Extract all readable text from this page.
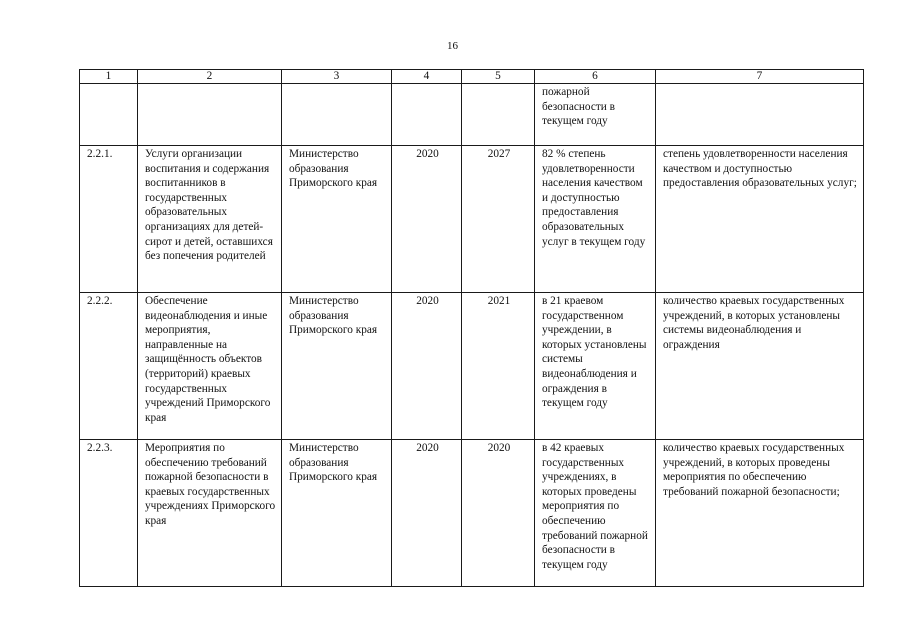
16
1	2	3	4	5	6	7
					пожарной безопасности в текущем году	
2.2.1.	Услуги организации воспитания и содержания воспитанников в государственных образовательных организациях для детей-сирот и детей, оставшихся без попечения родителей	Министерство образования Приморского края	2020	2027	82 % степень удовлетворенности населения качеством и доступностью предоставления образовательных услуг в текущем году	степень удовлетворенности населения качеством и доступностью предоставления образовательных услуг;
2.2.2.	Обеспечение видеонаблюдения и иные мероприятия, направленные на защищённость объектов (территорий) краевых государственных учреждений Приморского края	Министерство образования Приморского края	2020	2021	в 21 краевом государственном учреждении, в которых установлены системы видеонаблюдения и ограждения в текущем году	количество краевых государственных учреждений, в которых установлены системы видеонаблюдения и ограждения
2.2.3.	Мероприятия по обеспечению требований пожарной безопасности в краевых государственных учреждениях Приморского края	Министерство образования Приморского края	2020	2020	в 42 краевых государственных учреждениях, в которых проведены мероприятия по обеспечению требований пожарной безопасности в текущем году	количество краевых государственных учреждений, в которых проведены мероприятия по обеспечению требований пожарной безопасности;
